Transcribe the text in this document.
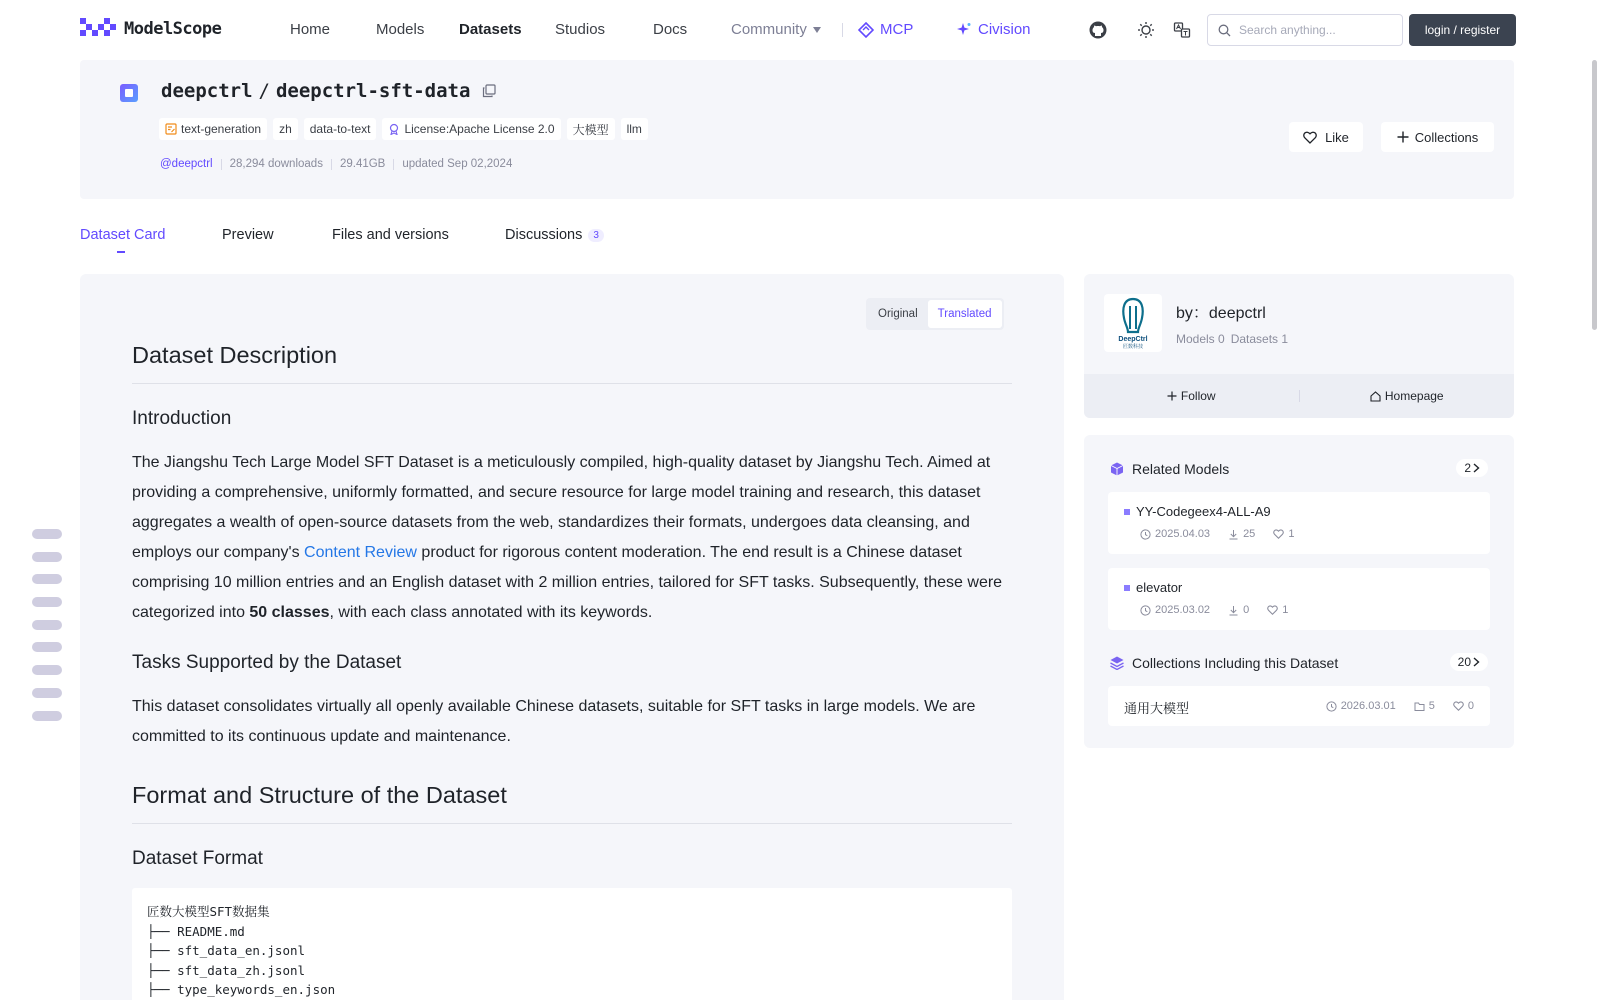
ModelScope	Home	Models Datasets Studios	Docs	Community	MCP	Civision
Search anything...	login / register
deepctrl / deepctrl-sft-data
text-generation	zh	data-to-text	License:Apache License 2.0	大模型	llm
@deepctrl 28,294 downloads 29.41GB updated Sep 02,2024
Like	Collections
Dataset Card	Preview	Files and versions	Discussions	3
Original	Translated
Dataset Description
Introduction

The Jiangshu Tech Large Model SFT Dataset is a meticulously compiled, high-quality dataset by Jiangshu Tech. Aimed at providing a comprehensive, uniformly formatted, and secure resource for large model training and research, this dataset aggregates a wealth of open-source datasets from the web, standardizes their formats, undergoes data cleansing, and employs our company's Content Review product for rigorous content moderation. The end result is a Chinese dataset comprising 10 million entries and an English dataset with 2 million entries, tailored for SFT tasks. Subsequently, these were categorized into 50 classes, with each class annotated with its keywords.

Tasks Supported by the Dataset

This dataset consolidates virtually all openly available Chinese datasets, suitable for SFT tasks in large models. We are committed to its continuous update and maintenance.

Format and Structure of the Dataset
Dataset Format
匠数大模型SFT数据集
├── README.md
├── sft_data_en.jsonl
├── sft_data_zh.jsonl
├── type_keywords_en.json
DeepCtrl
匠数科技
by：deepctrl
Models 0 Datasets 1
Follow	Homepage
Related Models	2
YY-Codegeex4-ALL-A9
2025.04.03	25	1
elevator
2025.03.02	0	1
Collections Including this Dataset	20
通用大模型	2026.03.01	5	0
